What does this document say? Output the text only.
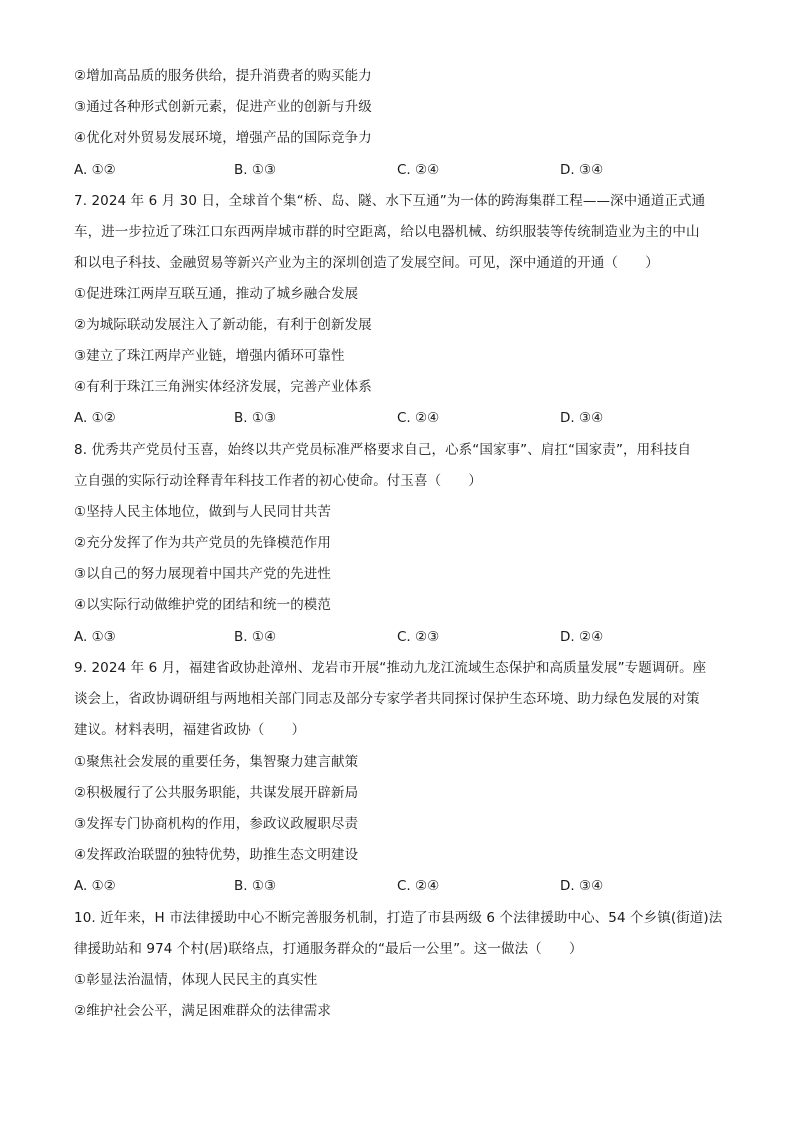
②增加高品质的服务供给，提升消费者的购买能力
③通过各种形式创新元素，促进产业的创新与升级
④优化对外贸易发展环境，增强产品的国际竞争力
A. ①②	B. ①③	C. ②④	D. ③④
7. 2024 年 6 月 30 日，全球首个集“桥、岛、隧、水下互通”为一体的跨海集群工程——深中通道正式通
车，进一步拉近了珠江口东西两岸城市群的时空距离，给以电器机械、纺织服装等传统制造业为主的中山
和以电子科技、金融贸易等新兴产业为主的深圳创造了发展空间。可见，深中通道的开通（　　）
①促进珠江两岸互联互通，推动了城乡融合发展
②为城际联动发展注入了新动能，有利于创新发展
③建立了珠江两岸产业链，增强内循环可靠性
④有利于珠江三角洲实体经济发展，完善产业体系
A. ①②	B. ①③	C. ②④	D. ③④
8. 优秀共产党员付玉喜，始终以共产党员标准严格要求自己，心系“国家事”、肩扛“国家责”，用科技自
立自强的实际行动诠释青年科技工作者的初心使命。付玉喜（　　）
①坚持人民主体地位，做到与人民同甘共苦
②充分发挥了作为共产党员的先锋模范作用
③以自己的努力展现着中国共产党的先进性
④以实际行动做维护党的团结和统一的模范
A. ①③	B. ①④	C. ②③	D. ②④
9. 2024 年 6 月，福建省政协赴漳州、龙岩市开展“推动九龙江流域生态保护和高质量发展”专题调研。座
谈会上，省政协调研组与两地相关部门同志及部分专家学者共同探讨保护生态环境、助力绿色发展的对策
建议。材料表明，福建省政协（　　）
①聚焦社会发展的重要任务，集智聚力建言献策
②积极履行了公共服务职能，共谋发展开辟新局
③发挥专门协商机构的作用，参政议政履职尽责
④发挥政治联盟的独特优势，助推生态文明建设
A. ①②	B. ①③	C. ②④	D. ③④
10. 近年来，H 市法律援助中心不断完善服务机制，打造了市县两级 6 个法律援助中心、54 个乡镇(街道)法
律援助站和 974 个村(居)联络点，打通服务群众的“最后一公里”。这一做法（　　）
①彰显法治温情，体现人民民主的真实性
②维护社会公平，满足困难群众的法律需求
